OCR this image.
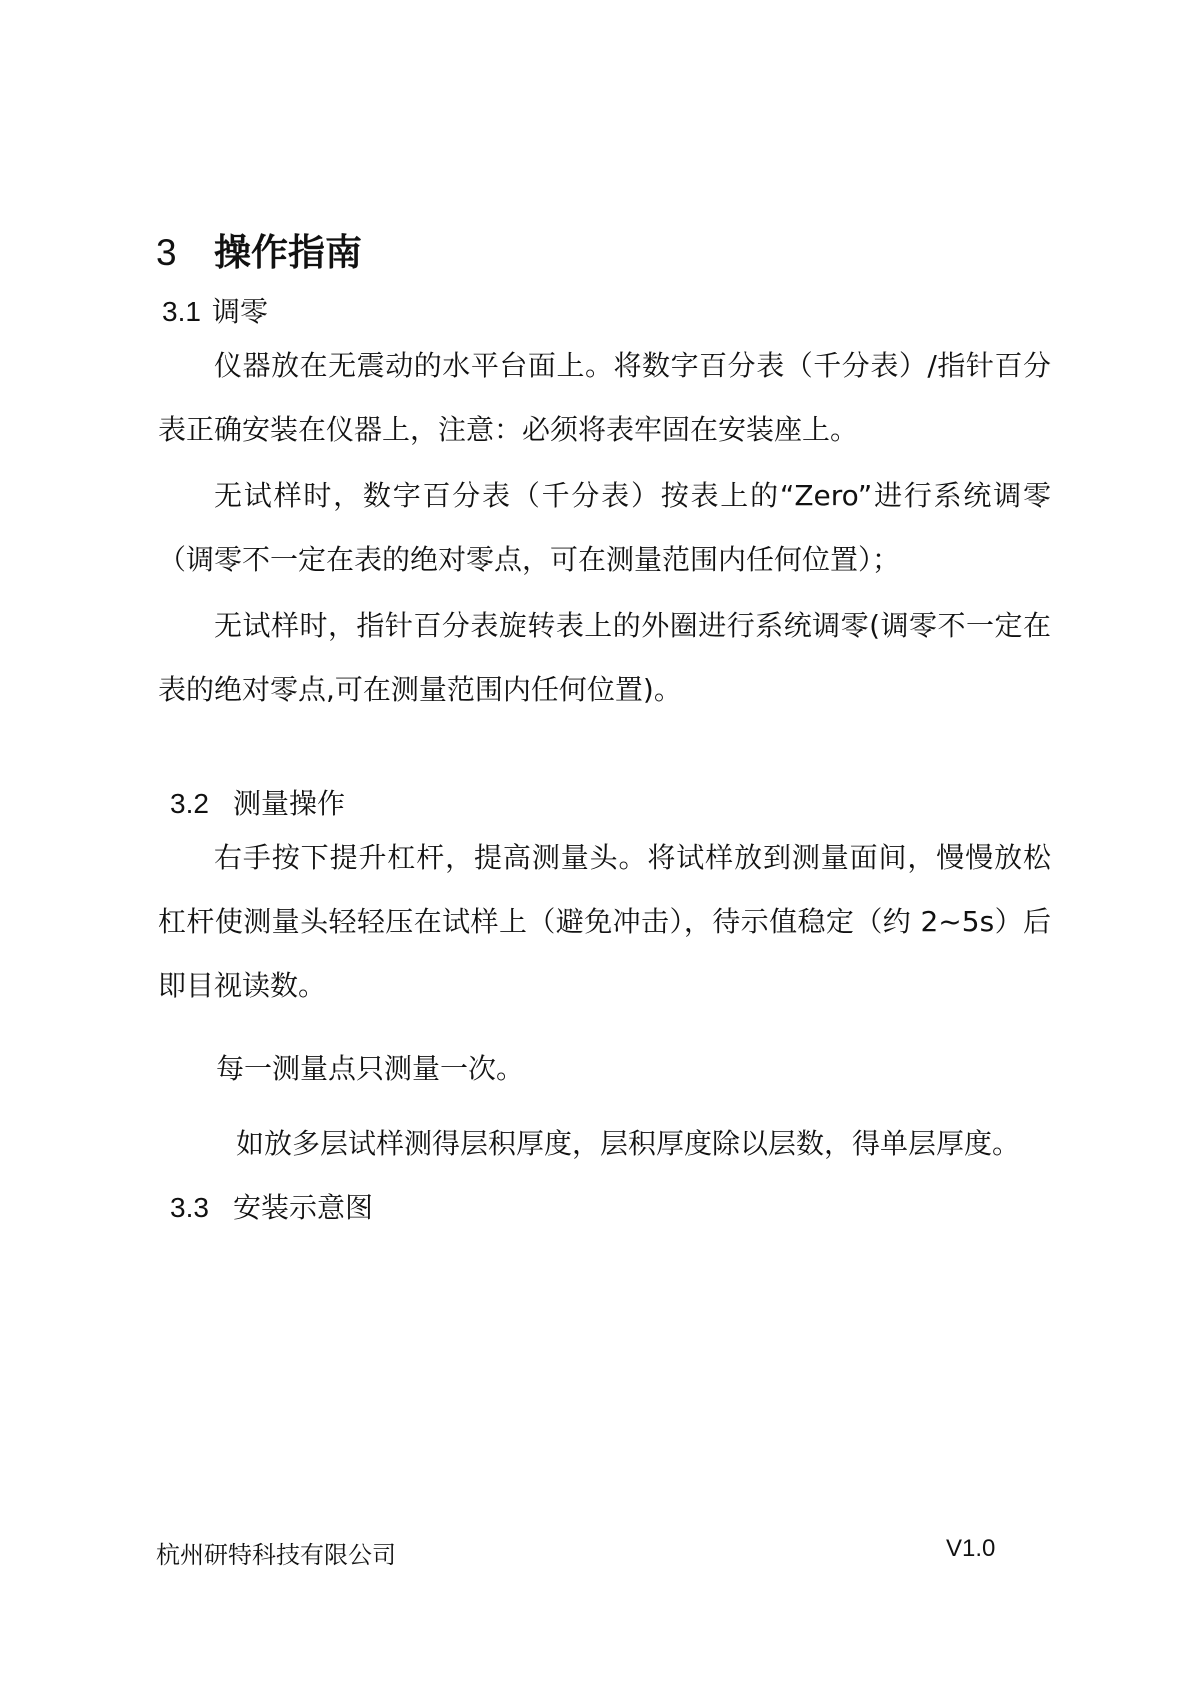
3 操作指南
3.1 调零
仪器放在无震动的水平台面上。将数字百分表（千分表）/指针百分表正确安装在仪器上，注意：必须将表牢固在安装座上。
无试样时，数字百分表（千分表）按表上的“Zero”进行系统调零（调零不一定在表的绝对零点，可在测量范围内任何位置）；
无试样时，指针百分表旋转表上的外圈进行系统调零(调零不一定在表的绝对零点,可在测量范围内任何位置)。
3.2 测量操作
右手按下提升杠杆，提高测量头。将试样放到测量面间，慢慢放松杠杆使测量头轻轻压在试样上（避免冲击），待示值稳定（约 2~5s）后即目视读数。
每一测量点只测量一次。
如放多层试样测得层积厚度，层积厚度除以层数，得单层厚度。
3.3 安装示意图
杭州研特科技有限公司	V1.0
